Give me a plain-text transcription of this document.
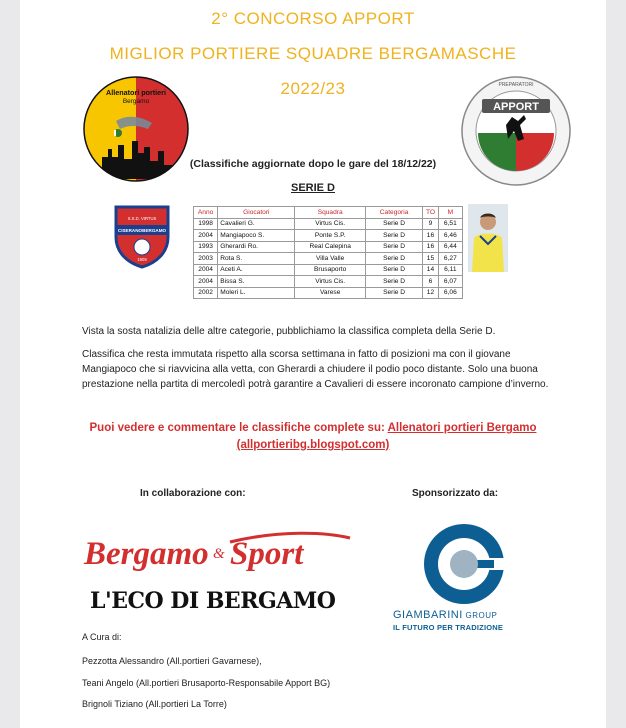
2° CONCORSO APPORT
MIGLIOR PORTIERE SQUADRE BERGAMASCHE
2022/23
Allenatori portieri
Bergamo	APPORT
PREPARATORI
(Classifiche aggiornate dopo le gare del 18/12/22)
SERIE D
S.S.D. VIRTUS
CISERANOBERGAMO
1909
Anno	Giocatori	Squadra	Categoria	TO	M
1998	Cavalieri G.	Virtus Cis.	Serie D	9	6,51
2004	Mangiapoco S.	Ponte S.P.	Serie D	16	6,46
1993	Gherardi Ro.	Real Calepina	Serie D	16	6,44
2003	Rota S.	Villa Valle	Serie D	15	6,27
2004	Aceti A.	Brusaporto	Serie D	14	6,11
2004	Bissa S.	Virtus Cis.	Serie D	6	6,07
2002	Moleri L.	Varese	Serie D	12	6,06
Vista la sosta natalizia delle altre categorie, pubblichiamo la classifica completa della Serie D.
Classifica che resta immutata rispetto alla scorsa settimana in fatto di posizioni ma con il giovane Mangiapoco che si riavvicina alla vetta, con Gherardi a chiudere il podio poco distante. Solo una buona prestazione nella partita di mercoledì potrà garantire a Cavalieri di essere incoronato campione d’inverno.
Puoi vedere e commentare le classifiche complete su: Allenatori portieri Bergamo
(allportieribg.blogspot.com)
In collaborazione con:	Sponsorizzato da:
Bergamo & Sport
L'ECO DI BERGAMO
GIAMBARINI GROUP
IL FUTURO PER TRADIZIONE
A Cura di:
Pezzotta Alessandro (All.portieri Gavarnese),
Teani Angelo (All.portieri Brusaporto-Responsabile Apport BG)
Brignoli Tiziano (All.portieri La Torre)
